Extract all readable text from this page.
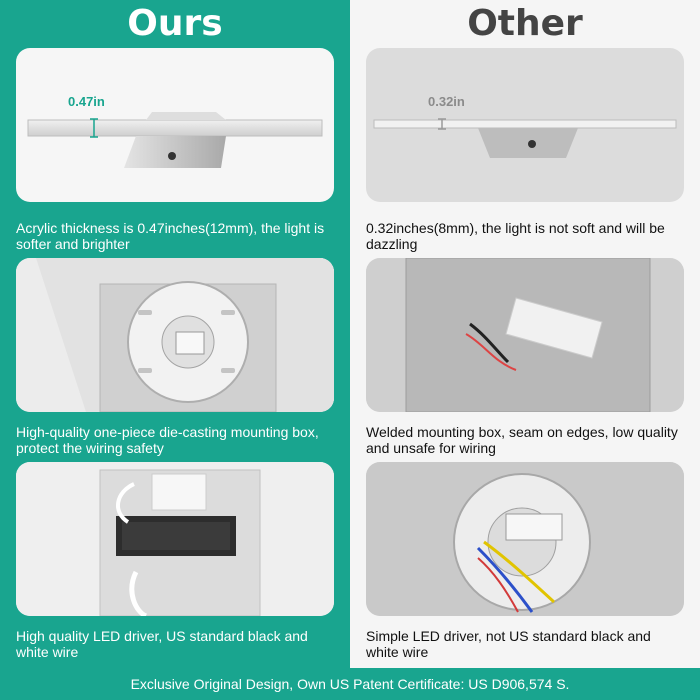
Ours
0.47in
Acrylic thickness is 0.47inches(12mm), the light is softer and brighter
High-quality one-piece die-casting mounting box, protect the wiring safety
High quality LED driver, US standard black and white wire
Other
0.32in
0.32inches(8mm), the light is not soft and will be dazzling
Welded mounting box, seam on edges, low quality and unsafe for wiring
Simple LED driver, not US standard black and white wire
Exclusive Original Design, Own US Patent Certificate: US D906,574 S.
